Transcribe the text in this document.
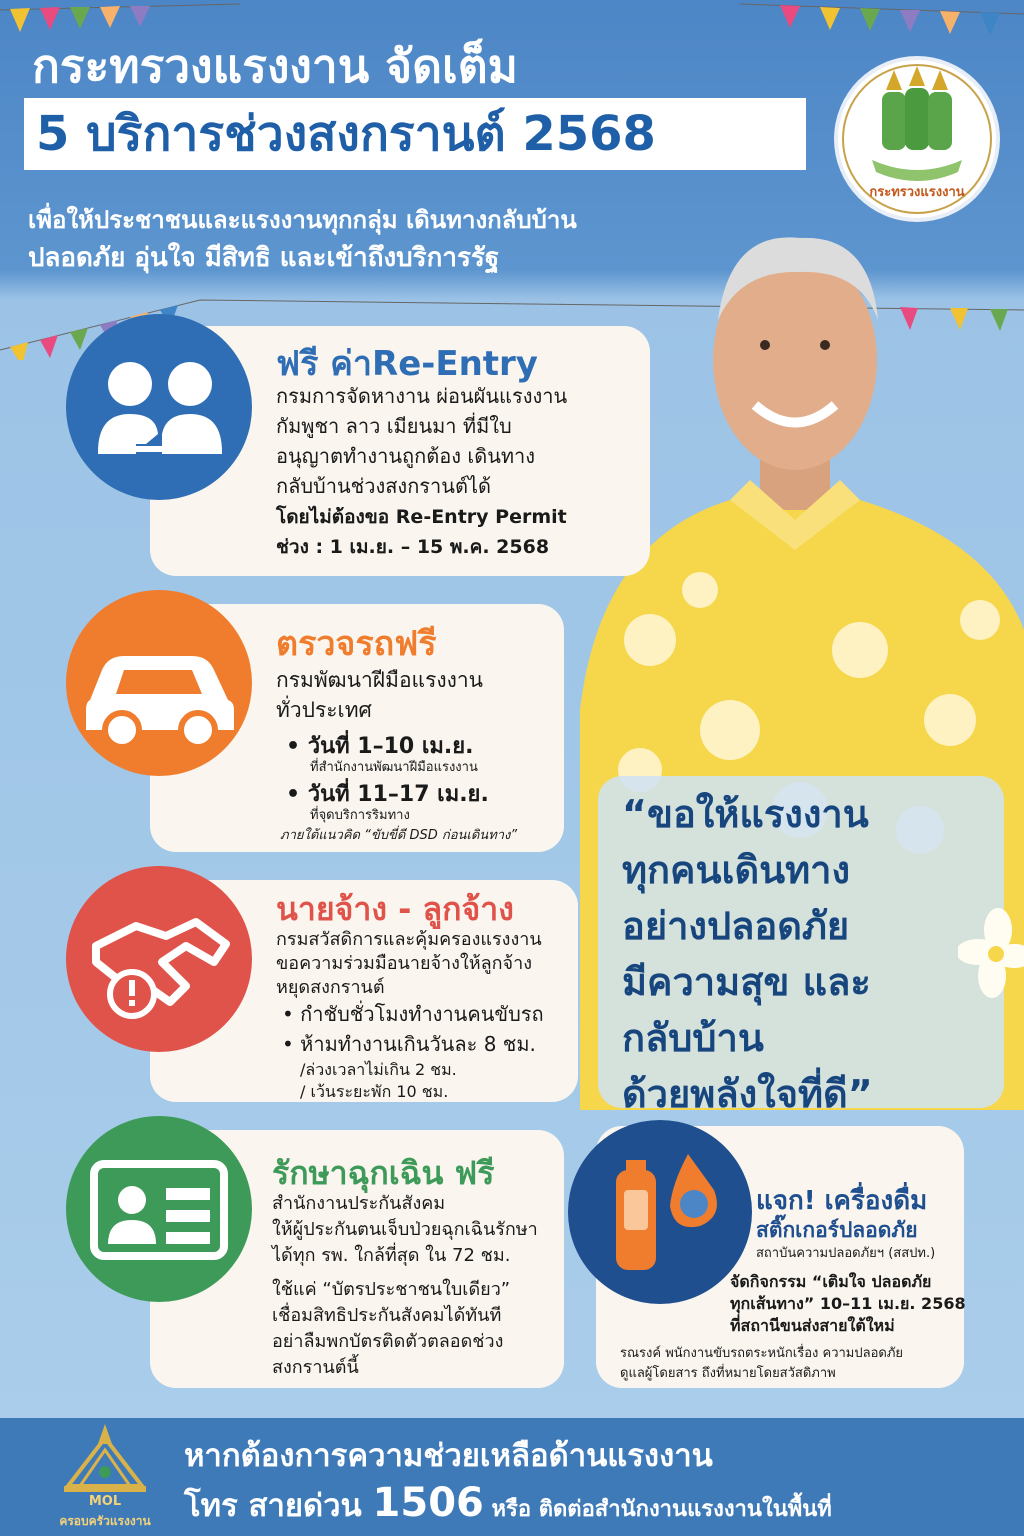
กระทรวงแรงงาน จัดเต็ม
5 บริการช่วงสงกรานต์ 2568
เพื่อให้ประชาชนและแรงงานทุกกลุ่ม เดินทางกลับบ้าน
ปลอดภัย อุ่นใจ มีสิทธิ และเข้าถึงบริการรัฐ
กระทรวงแรงงาน
ฟรี ค่าRe-Entry
กรมการจัดหางาน ผ่อนผันแรงงาน
กัมพูชา ลาว เมียนมา ที่มีใบ
อนุญาตทำงานถูกต้อง เดินทาง
กลับบ้านช่วงสงกรานต์ได้
โดยไม่ต้องขอ Re-Entry Permit
ช่วง : 1 เม.ย. – 15 พ.ค. 2568
ตรวจรถฟรี
กรมพัฒนาฝีมือแรงงาน
ทั่วประเทศ
• วันที่ 1–10 เม.ย.
ที่สำนักงานพัฒนาฝีมือแรงงาน
• วันที่ 11–17 เม.ย.
ที่จุดบริการริมทาง
ภายใต้แนวคิด “ขับขี่ดี DSD ก่อนเดินทาง”
นายจ้าง - ลูกจ้าง
กรมสวัสดิการและคุ้มครองแรงงาน
ขอความร่วมมือนายจ้างให้ลูกจ้าง
หยุดสงกรานต์
• กำชับชั่วโมงทำงานคนขับรถ
• ห้ามทำงานเกินวันละ 8 ชม.
/ล่วงเวลาไม่เกิน 2 ชม.
/ เว้นระยะพัก 10 ชม.
รักษาฉุกเฉิน ฟรี
สำนักงานประกันสังคม
ให้ผู้ประกันตนเจ็บป่วยฉุกเฉินรักษา
ได้ทุก รพ. ใกล้ที่สุด ใน 72 ชม.
ใช้แค่ “บัตรประชาชนใบเดียว”
เชื่อมสิทธิประกันสังคมได้ทันที
อย่าลืมพกบัตรติดตัวตลอดช่วง
สงกรานต์นี้
“ขอให้แรงงาน
ทุกคนเดินทาง
อย่างปลอดภัย
มีความสุข และ
กลับบ้าน
ด้วยพลังใจที่ดี”
แจก! เครื่องดื่ม
สติ๊กเกอร์ปลอดภัย
สถาบันความปลอดภัยฯ (สสปท.)
จัดกิจกรรม “เติมใจ ปลอดภัย
ทุกเส้นทาง” 10–11 เม.ย. 2568
ที่สถานีขนส่งสายใต้ใหม่
รณรงค์ พนักงานขับรถตระหนักเรื่อง ความปลอดภัย
ดูแลผู้โดยสาร ถึงที่หมายโดยสวัสดิภาพ
MOL
ครอบครัวแรงงาน
หากต้องการความช่วยเหลือด้านแรงงาน
โทร สายด่วน 1506 หรือ ติดต่อสำนักงานแรงงานในพื้นที่
